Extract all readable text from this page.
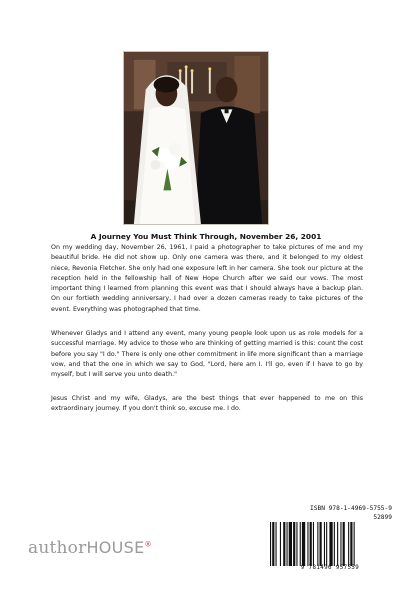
A Journey You Must Think Through, November 26, 2001

On my wedding day, November 26, 1961, I paid a photographer to take pictures of me and my beautiful bride. He did not show up. Only one camera was there, and it belonged to my oldest niece, Revonia Fletcher. She only had one exposure left in her camera. She took our picture at the reception held in the fellowship hall of New Hope Church after we said our vows. The most important thing I learned from planning this event was that I should always have a backup plan. On our fortieth wedding anniversary, I had over a dozen cameras ready to take pictures of the event. Everything was photographed that time.

Whenever Gladys and I attend any event, many young people look upon us as role models for a successful marriage. My advice to those who are thinking of getting married is this: count the cost before you say "I do." There is only one other commitment in life more significant than a marriage vow, and that the one in which we say to God, "Lord, here am I. I'll go, even if I have to go by myself, but I will serve you unto death."

Jesus Christ and my wife, Gladys, are the best things that ever happened to me on this extraordinary journey. If you don't think so, excuse me. I do.

ISBN 978-1-4969-5755-9
52899
9 781496 957559
authorHOUSE®
